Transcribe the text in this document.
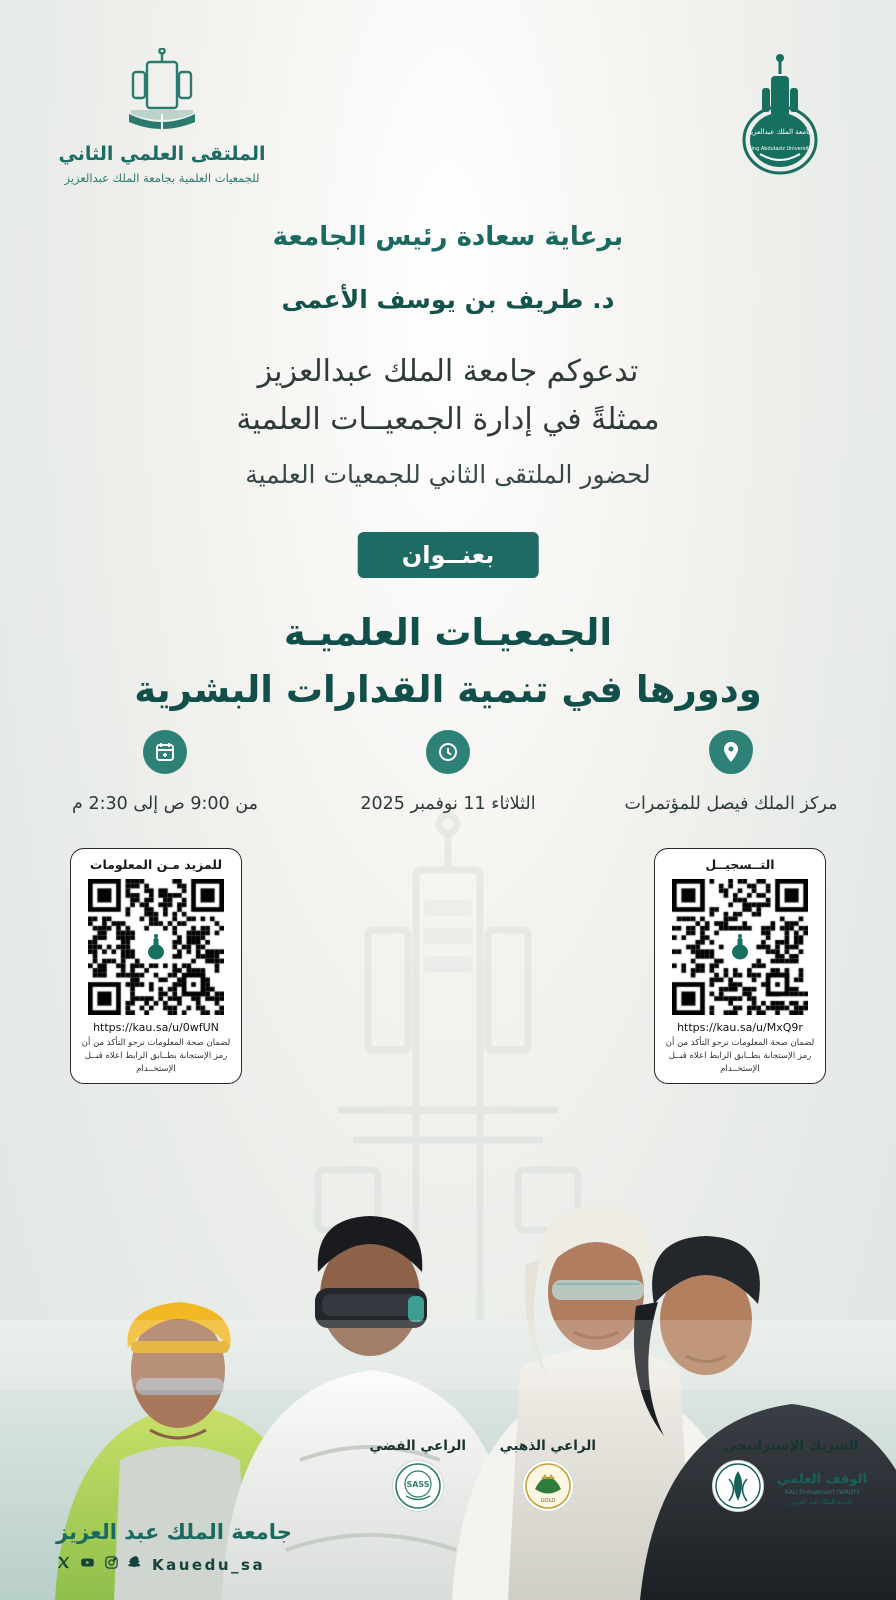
جامعة الملك عبدالعزيز
King Abdulaziz University
الملتقى العلمي الثاني
للجمعيات العلمية بجامعة الملك عبدالعزيز
برعاية سعادة رئيس الجامعة
د. طريف بن يوسف الأعمى
تدعوكم جامعة الملك عبدالعزيز
ممثلةً في إدارة الجمعيــات العلمية
لحضور الملتقى الثاني للجمعيات العلمية
بعنــوان
الجمعيـات العلميـة
ودورها في تنمية القدارات البشرية
مركز الملك فيصل للمؤتمرات
الثلاثاء 11 نوفمبر 2025
من 9:00 ص إلى 2:30 م
التــسجيــل
https://kau.sa/u/MxQ9r
لضمان صحة المعلومات نرجو التأكد من أن رمز الإستجابة بطــابق الرابط اعلاه قبــل الإستخــدام
للمزيد مـن المعلومات
https://kau.sa/u/0wfUN
لضمان صحة المعلومات نرجو التأكد من أن رمز الإستجابة بطــابق الرابط اعلاه قبــل الإستخــدام
الشريك الإستراتيجي
الوقف العلمي
KAU Endowment (WAQF)
جامعة الملك عبد العزيز
الراعي الذهبي
GOLD
الراعي الفضي
SASS
جامعة الملك عبد العزيز
Kauedu_sa
